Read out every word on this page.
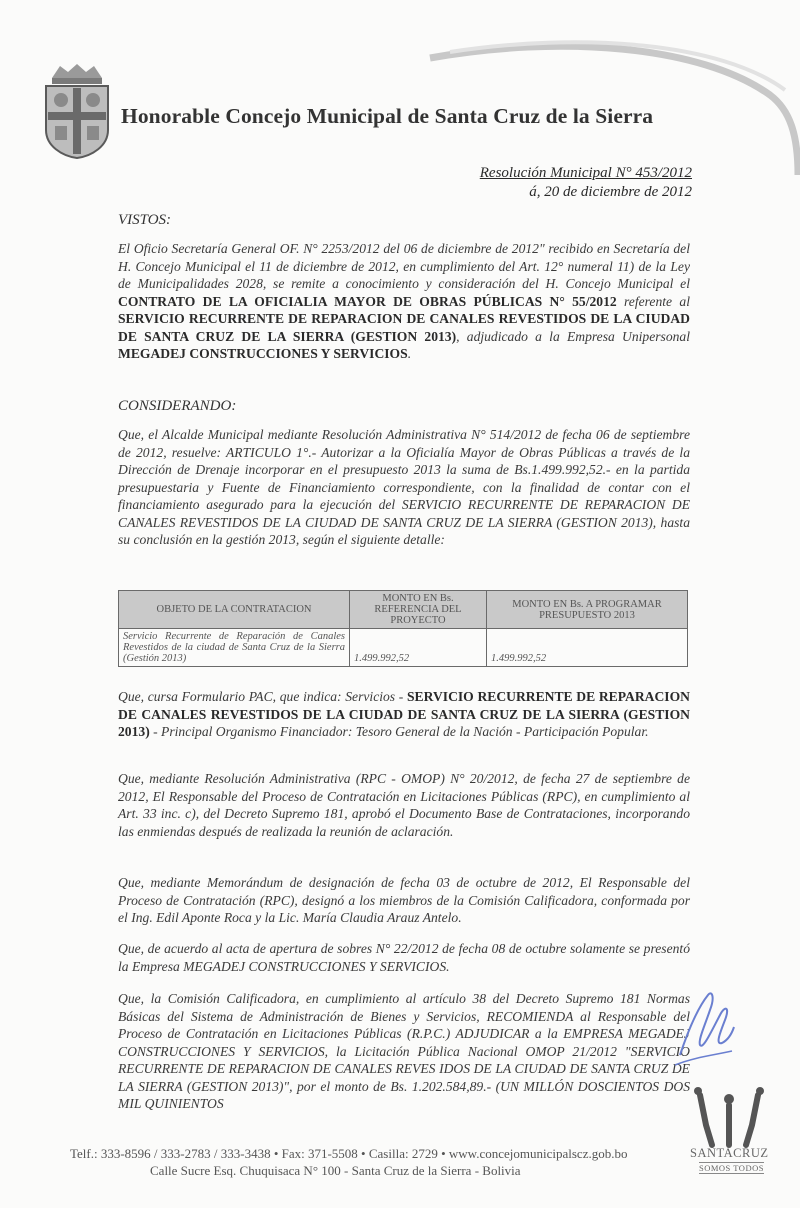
Honorable Concejo Municipal de Santa Cruz de la Sierra
Resolución Municipal N° 453/2012
á, 20 de diciembre de 2012
VISTOS:
El Oficio Secretaría General OF. N° 2253/2012 del 06 de diciembre de 2012" recibido en Secretaría del H. Concejo Municipal el 11 de diciembre de 2012, en cumplimiento del Art. 12° numeral 11) de la Ley de Municipalidades 2028, se remite a conocimiento y consideración del H. Concejo Municipal el CONTRATO DE LA OFICIALIA MAYOR DE OBRAS PÚBLICAS N° 55/2012 referente al SERVICIO RECURRENTE DE REPARACION DE CANALES REVESTIDOS DE LA CIUDAD DE SANTA CRUZ DE LA SIERRA (GESTION 2013), adjudicado a la Empresa Unipersonal MEGADEJ CONSTRUCCIONES Y SERVICIOS.
CONSIDERANDO:
Que, el Alcalde Municipal mediante Resolución Administrativa N° 514/2012 de fecha 06 de septiembre de 2012, resuelve: ARTICULO 1°.- Autorizar a la Oficialía Mayor de Obras Públicas a través de la Dirección de Drenaje incorporar en el presupuesto 2013 la suma de Bs.1.499.992,52.- en la partida presupuestaria y Fuente de Financiamiento correspondiente, con la finalidad de contar con el financiamiento asegurado para la ejecución del SERVICIO RECURRENTE DE REPARACION DE CANALES REVESTIDOS DE LA CIUDAD DE SANTA CRUZ DE LA SIERRA (GESTION 2013), hasta su conclusión en la gestión 2013, según el siguiente detalle:
OBJETO DE LA CONTRATACION	MONTO EN Bs. REFERENCIA DEL PROYECTO	MONTO EN Bs. A PROGRAMAR PRESUPUESTO 2013
Servicio Recurrente de Reparación de Canales Revestidos de la ciudad de Santa Cruz de la Sierra (Gestión 2013)	1.499.992,52	1.499.992,52
Que, cursa Formulario PAC, que indica: Servicios - SERVICIO RECURRENTE DE REPARACION DE CANALES REVESTIDOS DE LA CIUDAD DE SANTA CRUZ DE LA SIERRA (GESTION 2013) - Principal Organismo Financiador: Tesoro General de la Nación - Participación Popular.
Que, mediante Resolución Administrativa (RPC - OMOP) N° 20/2012, de fecha 27 de septiembre de 2012, El Responsable del Proceso de Contratación en Licitaciones Públicas (RPC), en cumplimiento al Art. 33 inc. c), del Decreto Supremo 181, aprobó el Documento Base de Contrataciones, incorporando las enmiendas después de realizada la reunión de aclaración.
Que, mediante Memorándum de designación de fecha 03 de octubre de 2012, El Responsable del Proceso de Contratación (RPC), designó a los miembros de la Comisión Calificadora, conformada por el Ing. Edil Aponte Roca y la Lic. María Claudia Arauz Antelo.
Que, de acuerdo al acta de apertura de sobres N° 22/2012 de fecha 08 de octubre solamente se presentó la Empresa MEGADEJ CONSTRUCCIONES Y SERVICIOS.
Que, la Comisión Calificadora, en cumplimiento al artículo 38 del Decreto Supremo 181 Normas Básicas del Sistema de Administración de Bienes y Servicios, RECOMIENDA al Responsable del Proceso de Contratación en Licitaciones Públicas (R.P.C.) ADJUDICAR a la EMPRESA MEGADEJ CONSTRUCCIONES Y SERVICIOS, la Licitación Pública Nacional OMOP 21/2012 "SERVICIO RECURRENTE DE REPARACION DE CANALES REVES IDOS DE LA CIUDAD DE SANTA CRUZ DE LA SIERRA (GESTION 2013)", por el monto de Bs. 1.202.584,89.- (UN MILLÓN DOSCIENTOS DOS MIL QUINIENTOS
Telf.: 333-8596 / 333-2783 / 333-3438 • Fax: 371-5508 • Casilla: 2729 • www.concejomunicipalscz.gob.bo
Calle Sucre Esq. Chuquisaca N° 100 - Santa Cruz de la Sierra - Bolivia
SANTACRUZ
SOMOS TODOS
